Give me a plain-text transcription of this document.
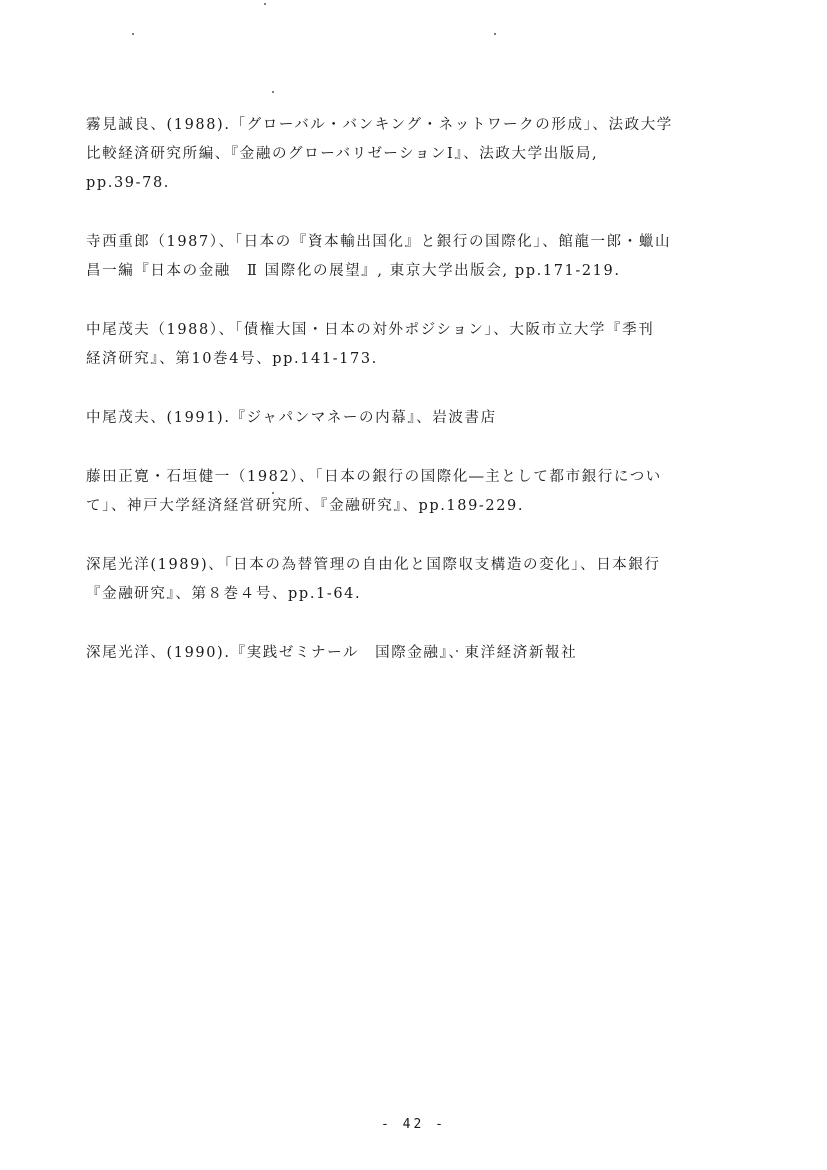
霧見誠良、(1988).「グローバル・バンキング・ネットワークの形成」、法政大学
比較経済研究所編、『金融のグローバリゼーションⅠ』、法政大学出版局,
pp.39-78.
寺西重郎（1987）、「日本の『資本輸出国化』と銀行の国際化」、館龍一郎・蠟山
昌一編『日本の金融　Ⅱ 国際化の展望』, 東京大学出版会, pp.171-219.
中尾茂夫（1988）、「債権大国・日本の対外ポジション」、大阪市立大学『季刊
経済研究』、第10巻4号、pp.141-173.
中尾茂夫、(1991).『ジャパンマネーの内幕』、岩波書店
藤田正寛・石垣健一（1982）、「日本の銀行の国際化―主として都市銀行につい
て」、神戸大学経済経営研究所、『金融研究』、pp.189-229.
深尾光洋(1989)、「日本の為替管理の自由化と国際収支構造の変化」、日本銀行
『金融研究』、第８巻４号、pp.1-64.
深尾光洋、(1990).『実践ゼミナール　国際金融』、東洋経済新報社
- 42 -
